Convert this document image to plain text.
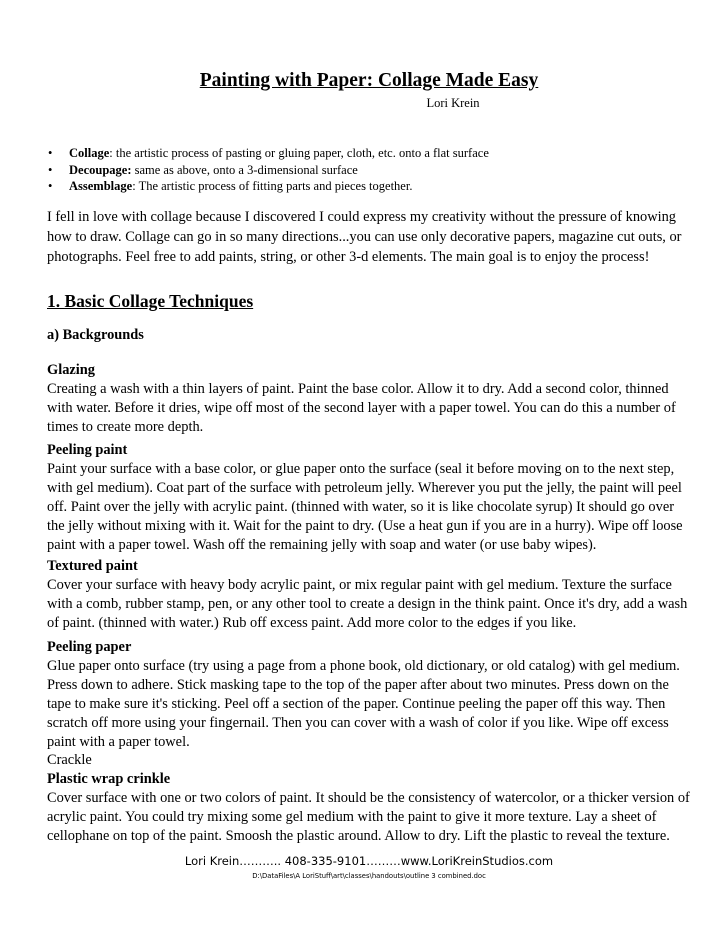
Painting with Paper: Collage Made Easy
Lori Krein
• Collage: the artistic process of pasting or gluing paper, cloth, etc. onto a flat surface
• Decoupage: same as above, onto a 3-dimensional surface
• Assemblage: The artistic process of fitting parts and pieces together.

I fell in love with collage because I discovered I could express my creativity without the pressure of knowing how to draw. Collage can go in so many directions...you can use only decorative papers, magazine cut outs, or photographs. Feel free to add paints, string, or other 3-d elements. The main goal is to enjoy the process!

1. Basic Collage Techniques
a) Backgrounds

Glazing
Creating a wash with a thin layers of paint. Paint the base color. Allow it to dry. Add a second color, thinned with water. Before it dries, wipe off most of the second layer with a paper towel. You can do this a number of times to create more depth.

Peeling paint
Paint your surface with a base color, or glue paper onto the surface (seal it before moving on to the next step, with gel medium). Coat part of the surface with petroleum jelly. Wherever you put the jelly, the paint will peel off. Paint over the jelly with acrylic paint. (thinned with water, so it is like chocolate syrup) It should go over the jelly without mixing with it. Wait for the paint to dry. (Use a heat gun if you are in a hurry). Wipe off loose paint with a paper towel. Wash off the remaining jelly with soap and water (or use baby wipes).

Textured paint
Cover your surface with heavy body acrylic paint, or mix regular paint with gel medium. Texture the surface with a comb, rubber stamp, pen, or any other tool to create a design in the think paint. Once it's dry, add a wash of paint. (thinned with water.) Rub off excess paint. Add more color to the edges if you like.

Peeling paper
Glue paper onto surface (try using a page from a phone book, old dictionary, or old catalog) with gel medium. Press down to adhere. Stick masking tape to the top of the paper after about two minutes. Press down on the tape to make sure it's sticking. Peel off a section of the paper. Continue peeling the paper off this way. Then scratch off more using your fingernail. Then you can cover with a wash of color if you like. Wipe off excess paint with a paper towel.
Crackle

Plastic wrap crinkle
Cover surface with one or two colors of paint. It should be the consistency of watercolor, or a thicker version of acrylic paint. You could try mixing some gel medium with the paint to give it more texture. Lay a sheet of cellophane on top of the paint. Smoosh the plastic around. Allow to dry. Lift the plastic to reveal the texture.

Lori Krein……….. 408-335-9101………www.LoriKreinStudios.com
D:\DataFiles\A LoriStuff\art\classes\handouts\outline 3 combined.doc
